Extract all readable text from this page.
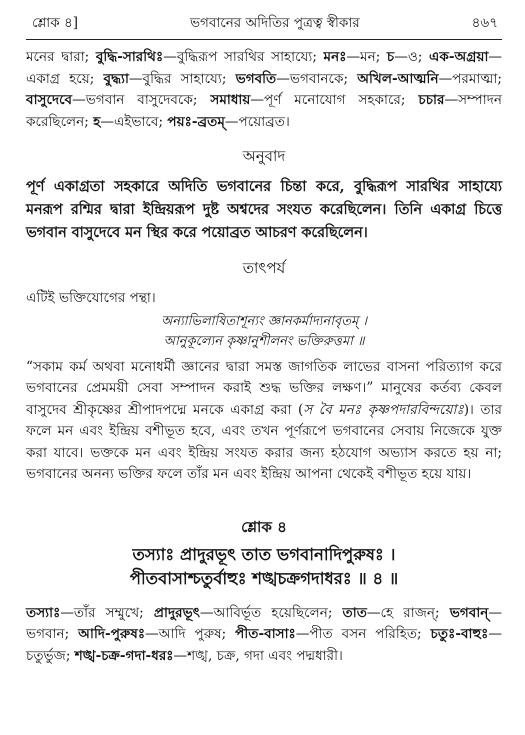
শ্লোক ৪]	ভগবানের অদিতির পুত্রত্ব স্বীকার	৪৬৭

মনের দ্বারা; বুদ্ধি-সারথিঃ—বুদ্ধিরূপ সারথির সাহায্যে; মনঃ—মন; চ—ও; এক-অগ্রয়া—একাগ্র হয়ে; বুদ্ধ্যা—বুদ্ধির সাহায্যে; ভগবতি—ভগবানকে; অখিল-আত্মনি—পরমাত্মা; বাসুদেবে—ভগবান বাসুদেবকে; সমাধায়—পূর্ণ মনোযোগ সহকারে; চচার—সম্পাদন করেছিলেন; হ—এইভাবে; পয়ঃ-ব্রতম্—পয়োব্রত।

অনুবাদ

পূর্ণ একাগ্রতা সহকারে অদিতি ভগবানের চিন্তা করে, বুদ্ধিরূপ সারথির সাহায্যে মনরূপ রশ্মির দ্বারা ইন্দ্রিয়রূপ দুষ্ট অশ্বদের সংযত করেছিলেন। তিনি একাগ্র চিত্তে ভগবান বাসুদেবে মন স্থির করে পয়োব্রত আচরণ করেছিলেন।

তাৎপর্য

এটিই ভক্তিযোগের পন্থা।

অন্যাভিলাষিতাশূন্যং জ্ঞানকর্মাদ্যনাবৃতম্ ।
আনুকূল্যেন কৃষ্ণানুশীলনং ভক্তিরুত্তমা ॥

“সকাম কর্ম অথবা মনোধর্মী জ্ঞানের দ্বারা সমস্ত জাগতিক লাভের বাসনা পরিত্যাগ করে ভগবানের প্রেমময়ী সেবা সম্পাদন করাই শুদ্ধ ভক্তির লক্ষণ।” মানুষের কর্তব্য কেবল বাসুদেব শ্রীকৃষ্ণের শ্রীপাদপদ্মে মনকে একাগ্র করা (স বৈ মনঃ কৃষ্ণপদারবিন্দয়োঃ)। তার ফলে মন এবং ইন্দ্রিয় বশীভূত হবে, এবং তখন পূর্ণরূপে ভগবানের সেবায় নিজেকে যুক্ত করা যাবে। ভক্তকে মন এবং ইন্দ্রিয় সংযত করার জন্য হঠযোগ অভ্যাস করতে হয় না; ভগবানের অনন্য ভক্তির ফলে তাঁর মন এবং ইন্দ্রিয় আপনা থেকেই বশীভূত হয়ে যায়।

শ্লোক ৪
তস্যাঃ প্রাদুরভূৎ তাত ভগবানাদিপুরুষঃ ।
পীতবাসাশ্চতুর্বাহুঃ শঙ্খচক্রগদাধরঃ ॥ ৪ ॥

তস্যাঃ—তাঁর সম্মুখে; প্রাদুরভূৎ—আবির্ভূত হয়েছিলেন; তাত—হে রাজন্; ভগবান্—ভগবান; আদি-পুরুষঃ—আদি পুরুষ; পীত-বাসাঃ—পীত বসন পরিহিত; চতুঃ-বাহুঃ—চতুর্ভুজ; শঙ্খ-চক্র-গদা-ধরঃ—শঙ্খ, চক্র, গদা এবং পদ্মধারী।
